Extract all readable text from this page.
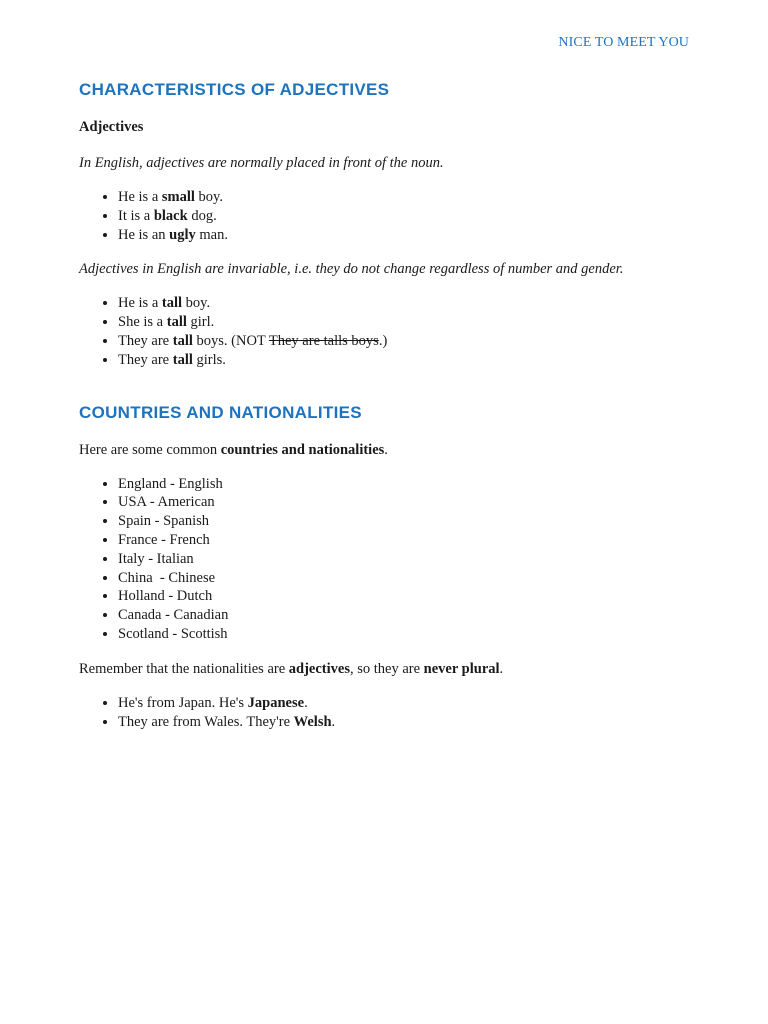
NICE TO MEET YOU
CHARACTERISTICS OF ADJECTIVES

Adjectives

In English, adjectives are normally placed in front of the noun.

• He is a small boy.
• It is a black dog.
• He is an ugly man.

Adjectives in English are invariable, i.e. they do not change regardless of number and gender.

• He is a tall boy.
• She is a tall girl.
• They are tall boys. (NOT They are talls boys.)
• They are tall girls.
COUNTRIES AND NATIONALITIES

Here are some common countries and nationalities.

• England - English
• USA - American
• Spain - Spanish
• France - French
• Italy - Italian
• China  - Chinese
• Holland - Dutch
• Canada - Canadian
• Scotland - Scottish

Remember that the nationalities are adjectives, so they are never plural.

• He's from Japan. He's Japanese.
• They are from Wales. They're Welsh.
